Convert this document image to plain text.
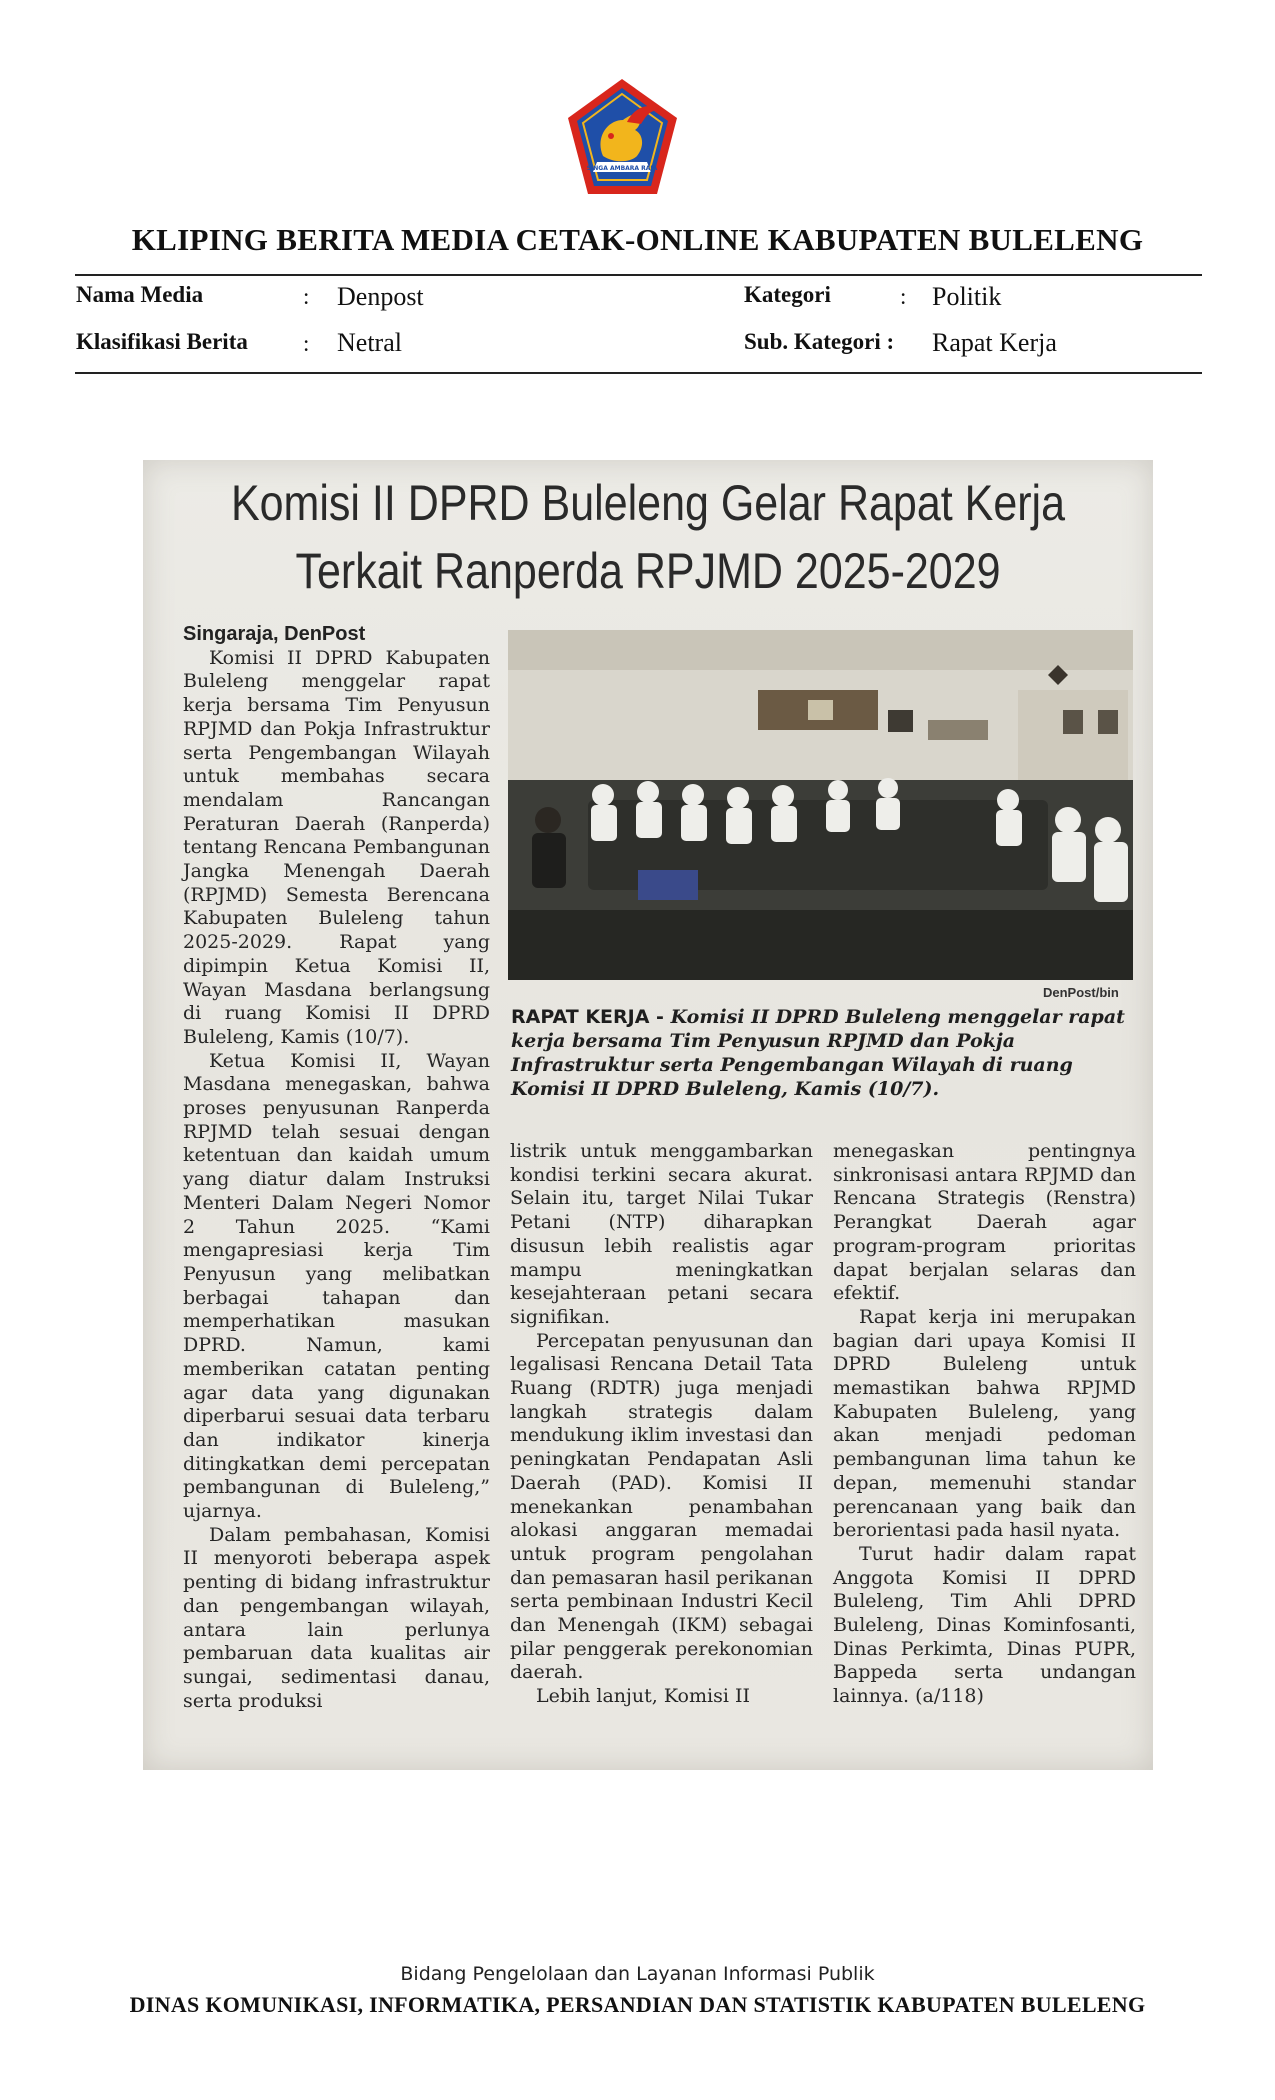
SINGA AMBARA RAJA
KLIPING BERITA MEDIA CETAK-ONLINE KABUPATEN BULELENG
Nama Media	: Denpost	Kategori	: Politik
Klasifikasi Berita : Netral	Sub. Kategori : Rapat Kerja
Komisi II DPRD Buleleng Gelar Rapat Kerja
Terkait Ranperda RPJMD 2025-2029

Singaraja, DenPost

Komisi II DPRD Kabupaten Buleleng menggelar rapat kerja bersama Tim Penyusun RPJMD dan Pokja Infrastruktur serta Pengembangan Wilayah untuk membahas secara mendalam Rancangan Peraturan Daerah (Ranperda) tentang Rencana Pembangunan Jangka Menengah Daerah (RPJMD) Semesta Berencana Kabupaten Buleleng tahun 2025-2029. Rapat yang dipimpin Ketua Komisi II, Wayan Masdana berlangsung di ruang Komisi II DPRD Buleleng, Kamis (10/7).

Ketua Komisi II, Wayan Masdana menegaskan, bahwa proses penyusunan Ranperda RPJMD telah sesuai dengan ketentuan dan kaidah umum yang diatur dalam Instruksi Menteri Dalam Negeri Nomor 2 Tahun 2025. “Kami mengapresiasi kerja Tim Penyusun yang melibatkan berbagai tahapan dan memperhatikan masukan DPRD. Namun, kami memberikan catatan penting agar data yang digunakan diperbarui sesuai data terbaru dan indikator kinerja ditingkatkan demi percepatan pembangunan di Buleleng,” ujarnya.

Dalam pembahasan, Komisi II menyoroti beberapa aspek penting di bidang infrastruktur dan pengembangan wilayah, antara lain perlunya pembaruan data kualitas air sungai, sedimentasi danau, serta produksi

DenPost/bin
RAPAT KERJA - Komisi II DPRD Buleleng menggelar rapat kerja bersama Tim Penyusun RPJMD dan Pokja Infrastruktur serta Pengembangan Wilayah di ruang Komisi II DPRD Buleleng, Kamis (10/7).

listrik untuk menggambarkan kondisi terkini secara akurat. Selain itu, target Nilai Tukar Petani (NTP) diharapkan disusun lebih realistis agar mampu meningkatkan kesejahteraan petani secara signifikan.

Percepatan penyusunan dan legalisasi Rencana Detail Tata Ruang (RDTR) juga menjadi langkah strategis dalam mendukung iklim investasi dan peningkatan Pendapatan Asli Daerah (PAD). Komisi II menekankan penambahan alokasi anggaran memadai untuk program pengolahan dan pemasaran hasil perikanan serta pembinaan Industri Kecil dan Menengah (IKM) sebagai pilar penggerak perekonomian daerah.

Lebih lanjut, Komisi II

menegaskan pentingnya sinkronisasi antara RPJMD dan Rencana Strategis (Renstra) Perangkat Daerah agar program-program prioritas dapat berjalan selaras dan efektif.

Rapat kerja ini merupakan bagian dari upaya Komisi II DPRD Buleleng untuk memastikan bahwa RPJMD Kabupaten Buleleng, yang akan menjadi pedoman pembangunan lima tahun ke depan, memenuhi standar perencanaan yang baik dan berorientasi pada hasil nyata.

Turut hadir dalam rapat Anggota Komisi II DPRD Buleleng, Tim Ahli DPRD Buleleng, Dinas Kominfosanti, Dinas Perkimta, Dinas PUPR, Bappeda serta undangan lainnya. (a/118)

Bidang Pengelolaan dan Layanan Informasi Publik
DINAS KOMUNIKASI, INFORMATIKA, PERSANDIAN DAN STATISTIK KABUPATEN BULELENG
